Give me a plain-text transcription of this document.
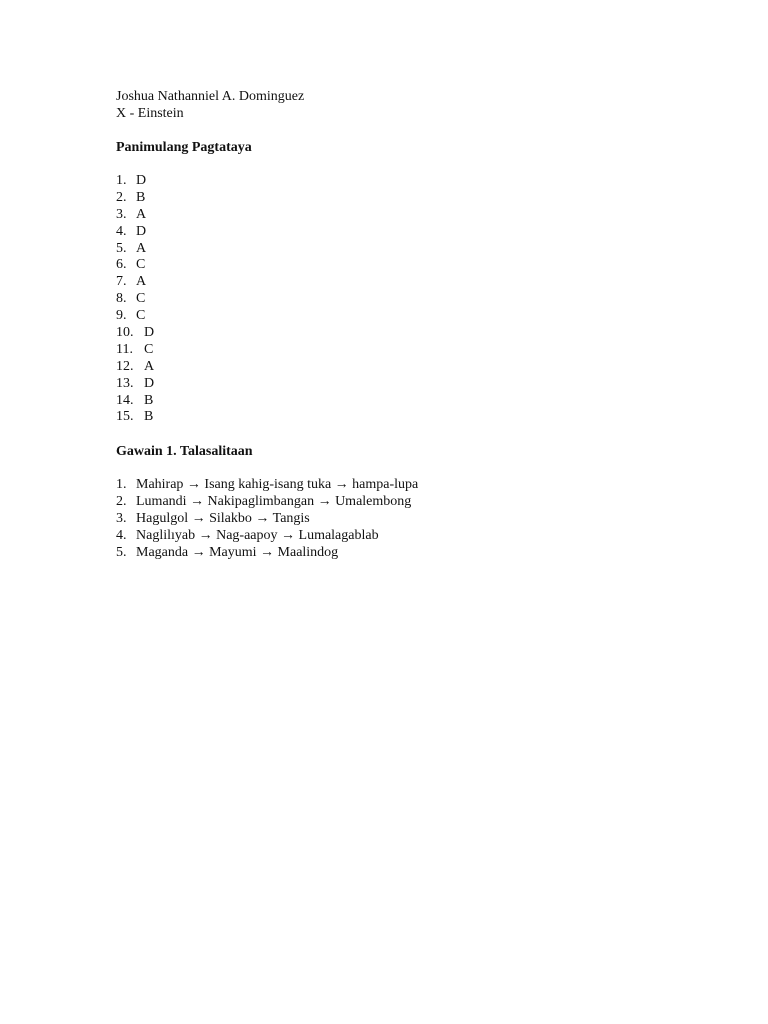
Joshua Nathanniel A. Dominguez
X - Einstein
Panimulang Pagtataya
1. D
2. B
3. A
4. D
5. A
6. C
7. A
8. C
9. C
10. D
11. C
12. A
13. D
14. B
15. B
Gawain 1. Talasalitaan
1. Mahirap → Isang kahig-isang tuka → hampa-lupa
2. Lumandi → Nakipaglimbangan → Umalembong
3. Hagulgol → Silakbo → Tangis
4. Naglilıyab → Nag-aapoy → Lumalagablab
5. Maganda → Mayumi → Maalindog
